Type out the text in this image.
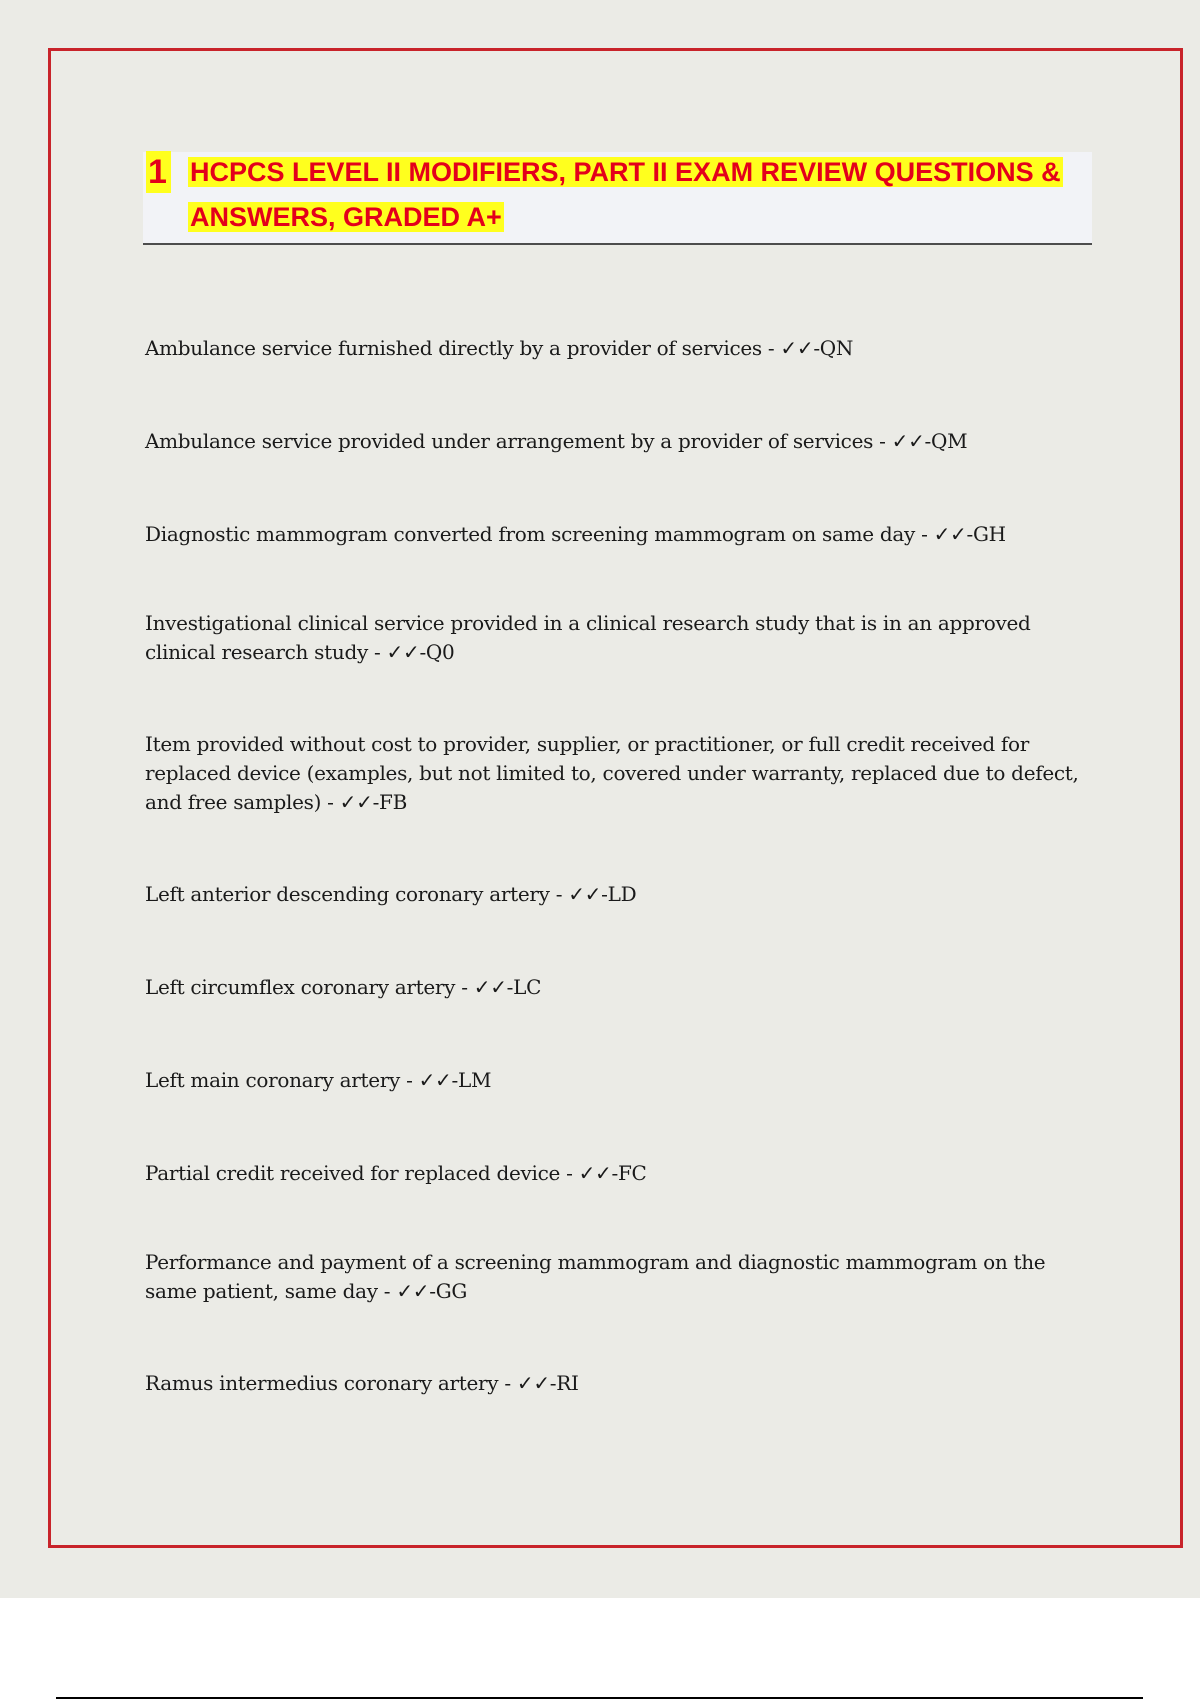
1 HCPCS LEVEL II MODIFIERS, PART II EXAM REVIEW QUESTIONS & ANSWERS, GRADED A+

Ambulance service furnished directly by a provider of services - ✓✓-QN

Ambulance service provided under arrangement by a provider of services - ✓✓-QM

Diagnostic mammogram converted from screening mammogram on same day - ✓✓-GH

Investigational clinical service provided in a clinical research study that is in an approved clinical research study - ✓✓-Q0

Item provided without cost to provider, supplier, or practitioner, or full credit received for replaced device (examples, but not limited to, covered under warranty, replaced due to defect, and free samples) - ✓✓-FB

Left anterior descending coronary artery - ✓✓-LD

Left circumflex coronary artery - ✓✓-LC

Left main coronary artery - ✓✓-LM

Partial credit received for replaced device - ✓✓-FC

Performance and payment of a screening mammogram and diagnostic mammogram on the same patient, same day - ✓✓-GG

Ramus intermedius coronary artery - ✓✓-RI
